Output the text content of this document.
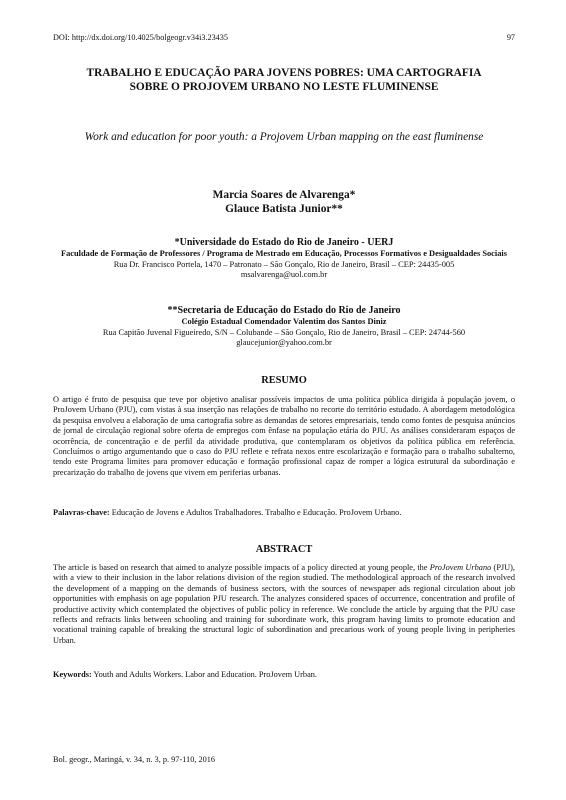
DOI: http://dx.doi.org/10.4025/bolgeogr.v34i3.23435	97
TRABALHO E EDUCAÇÃO PARA JOVENS POBRES: UMA CARTOGRAFIA SOBRE O PROJOVEM URBANO NO LESTE FLUMINENSE
Work and education for poor youth: a Projovem Urban mapping on the east fluminense
Marcia Soares de Alvarenga*
Glauce Batista Junior**
*Universidade do Estado do Rio de Janeiro - UERJ
Faculdade de Formação de Professores / Programa de Mestrado em Educação, Processos Formativos e Desigualdades Sociais
Rua Dr. Francisco Portela, 1470 – Patronato – São Gonçalo, Rio de Janeiro, Brasil – CEP: 24435-005
msalvarenga@uol.com.br
**Secretaria de Educação do Estado do Rio de Janeiro
Colégio Estadual Comendador Valentim dos Santos Diniz
Rua Capitão Juvenal Figueiredo, S/N – Colubande – São Gonçalo, Rio de Janeiro, Brasil – CEP: 24744-560
glaucejunior@yahoo.com.br
RESUMO
O artigo é fruto de pesquisa que teve por objetivo analisar possíveis impactos de uma política pública dirigida à população jovem, o ProJovem Urbano (PJU), com vistas à sua inserção nas relações de trabalho no recorte do território estudado. A abordagem metodológica da pesquisa envolveu a elaboração de uma cartografia sobre as demandas de setores empresariais, tendo como fontes de pesquisa anúncios de jornal de circulação regional sobre oferta de empregos com ênfase na população etária do PJU. As análises consideraram espaços de ocorrência, de concentração e de perfil da atividade produtiva, que contemplaram os objetivos da política pública em referência. Concluímos o artigo argumentando que o caso do PJU reflete e refrata nexos entre escolarização e formação para o trabalho subalterno, tendo este Programa limites para promover educação e formação profissional capaz de romper a lógica estrutural da subordinação e precarização do trabalho de jovens que vivem em periferias urbanas.
Palavras-chave: Educação de Jovens e Adultos Trabalhadores. Trabalho e Educação. ProJovem Urbano.
ABSTRACT
The article is based on research that aimed to analyze possible impacts of a policy directed at young people, the ProJovem Urbano (PJU), with a view to their inclusion in the labor relations division of the region studied. The methodological approach of the research involved the development of a mapping on the demands of business sectors, with the sources of newspaper ads regional circulation about job opportunities with emphasis on age population PJU research. The analyzes considered spaces of occurrence, concentration and profile of productive activity which contemplated the objectives of public policy in reference. We conclude the article by arguing that the PJU case reflects and refracts links between schooling and training for subordinate work, this program having limits to promote education and vocational training capable of breaking the structural logic of subordination and precarious work of young people living in peripheries Urban.
Keywords: Youth and Adults Workers. Labor and Education. ProJovem Urban.
Bol. geogr., Maringá, v. 34, n. 3, p. 97-110, 2016
